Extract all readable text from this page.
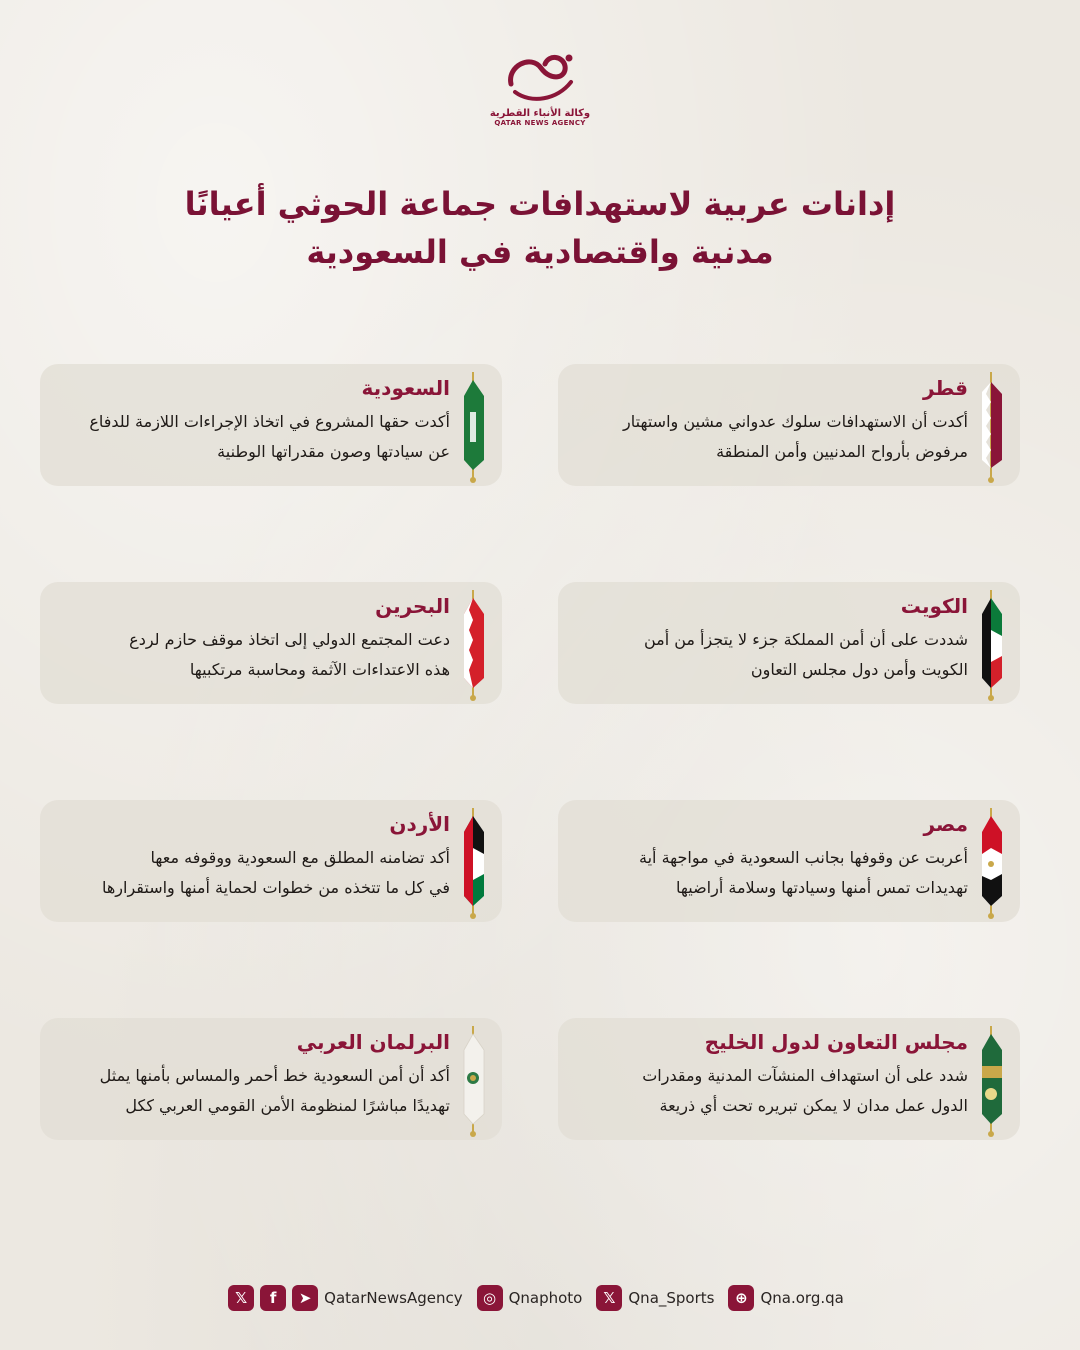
وكالة الأنباء القطرية
QATAR NEWS AGENCY
إدانات عربية لاستهدافات جماعة الحوثي أعيانًا
مدنية واقتصادية في السعودية
قطر
أكدت أن الاستهدافات سلوك عدواني مشين واستهتار
مرفوض بأرواح المدنيين وأمن المنطقة
السعودية
أكدت حقها المشروع في اتخاذ الإجراءات اللازمة للدفاع
عن سيادتها وصون مقدراتها الوطنية
الكويت
شددت على أن أمن المملكة جزء لا يتجزأ من أمن
الكويت وأمن دول مجلس التعاون
البحرين
دعت المجتمع الدولي إلى اتخاذ موقف حازم لردع
هذه الاعتداءات الآثمة ومحاسبة مرتكبيها
مصر
أعربت عن وقوفها بجانب السعودية في مواجهة أية
تهديدات تمس أمنها وسيادتها وسلامة أراضيها
الأردن
أكد تضامنه المطلق مع السعودية ووقوفه معها
في كل ما تتخذه من خطوات لحماية أمنها واستقرارها
مجلس التعاون لدول الخليج
شدد على أن استهداف المنشآت المدنية ومقدرات
الدول عمل مدان لا يمكن تبريره تحت أي ذريعة
البرلمان العربي
أكد أن أمن السعودية خط أحمر والمساس بأمنها يمثل
تهديدًا مباشرًا لمنظومة الأمن القومي العربي ككل
𝕏	f	➤ QatarNewsAgency	◎ Qnaphoto	𝕏 Qna_Sports	⊕ Qna.org.qa
